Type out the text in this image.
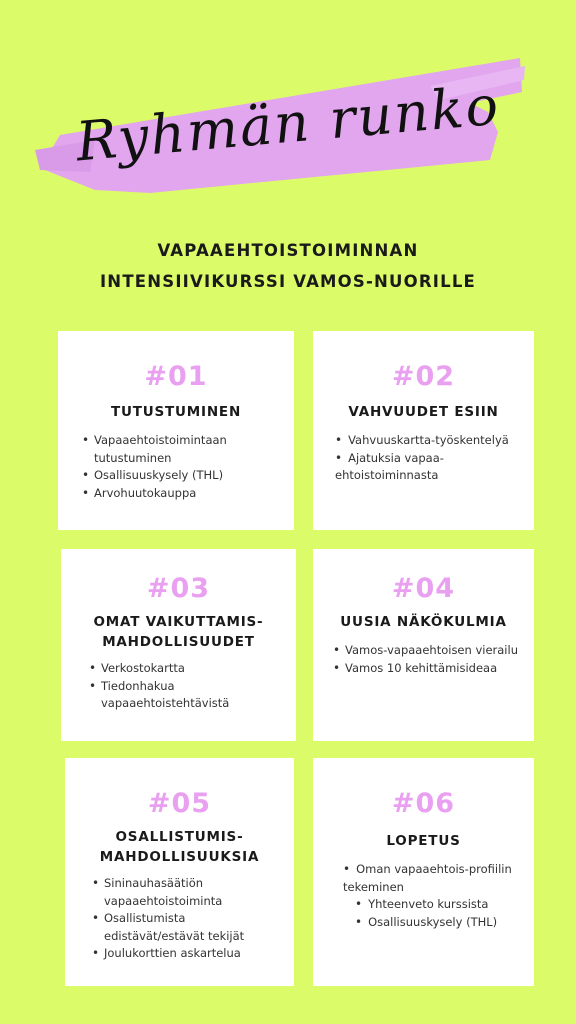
Ryhmän runko
VAPAAEHTOISTOIMINNAN
INTENSIIVIKURSSI VAMOS-NUORILLE
#01
TUTUSTUMINEN
• Vapaaehtoistoimintaan tutustuminen
• Osallisuuskysely (THL)
• Arvohuutokauppa
#02
VAHVUUDET ESIIN
• Vahvuuskartta-työskentelyä
• Ajatuksia vapaa-ehtoistoiminnasta
#03
OMAT VAIKUTTAMIS-
MAHDOLLISUUDET
• Verkostokartta
• Tiedonhakua vapaaehtoistehtävistä
#04
UUSIA NÄKÖKULMIA
• Vamos-vapaaehtoisen vierailu
• Vamos 10 kehittämisideaa
#05
OSALLISTUMIS-
MAHDOLLISUUKSIA
• Sininauhasäätiön vapaaehtoistoiminta
• Osallistumista edistävät/estävät tekijät
• Joulukorttien askartelua
#06
LOPETUS
• Oman vapaaehtois-profiilin tekeminen
• Yhteenveto kurssista
• Osallisuuskysely (THL)
